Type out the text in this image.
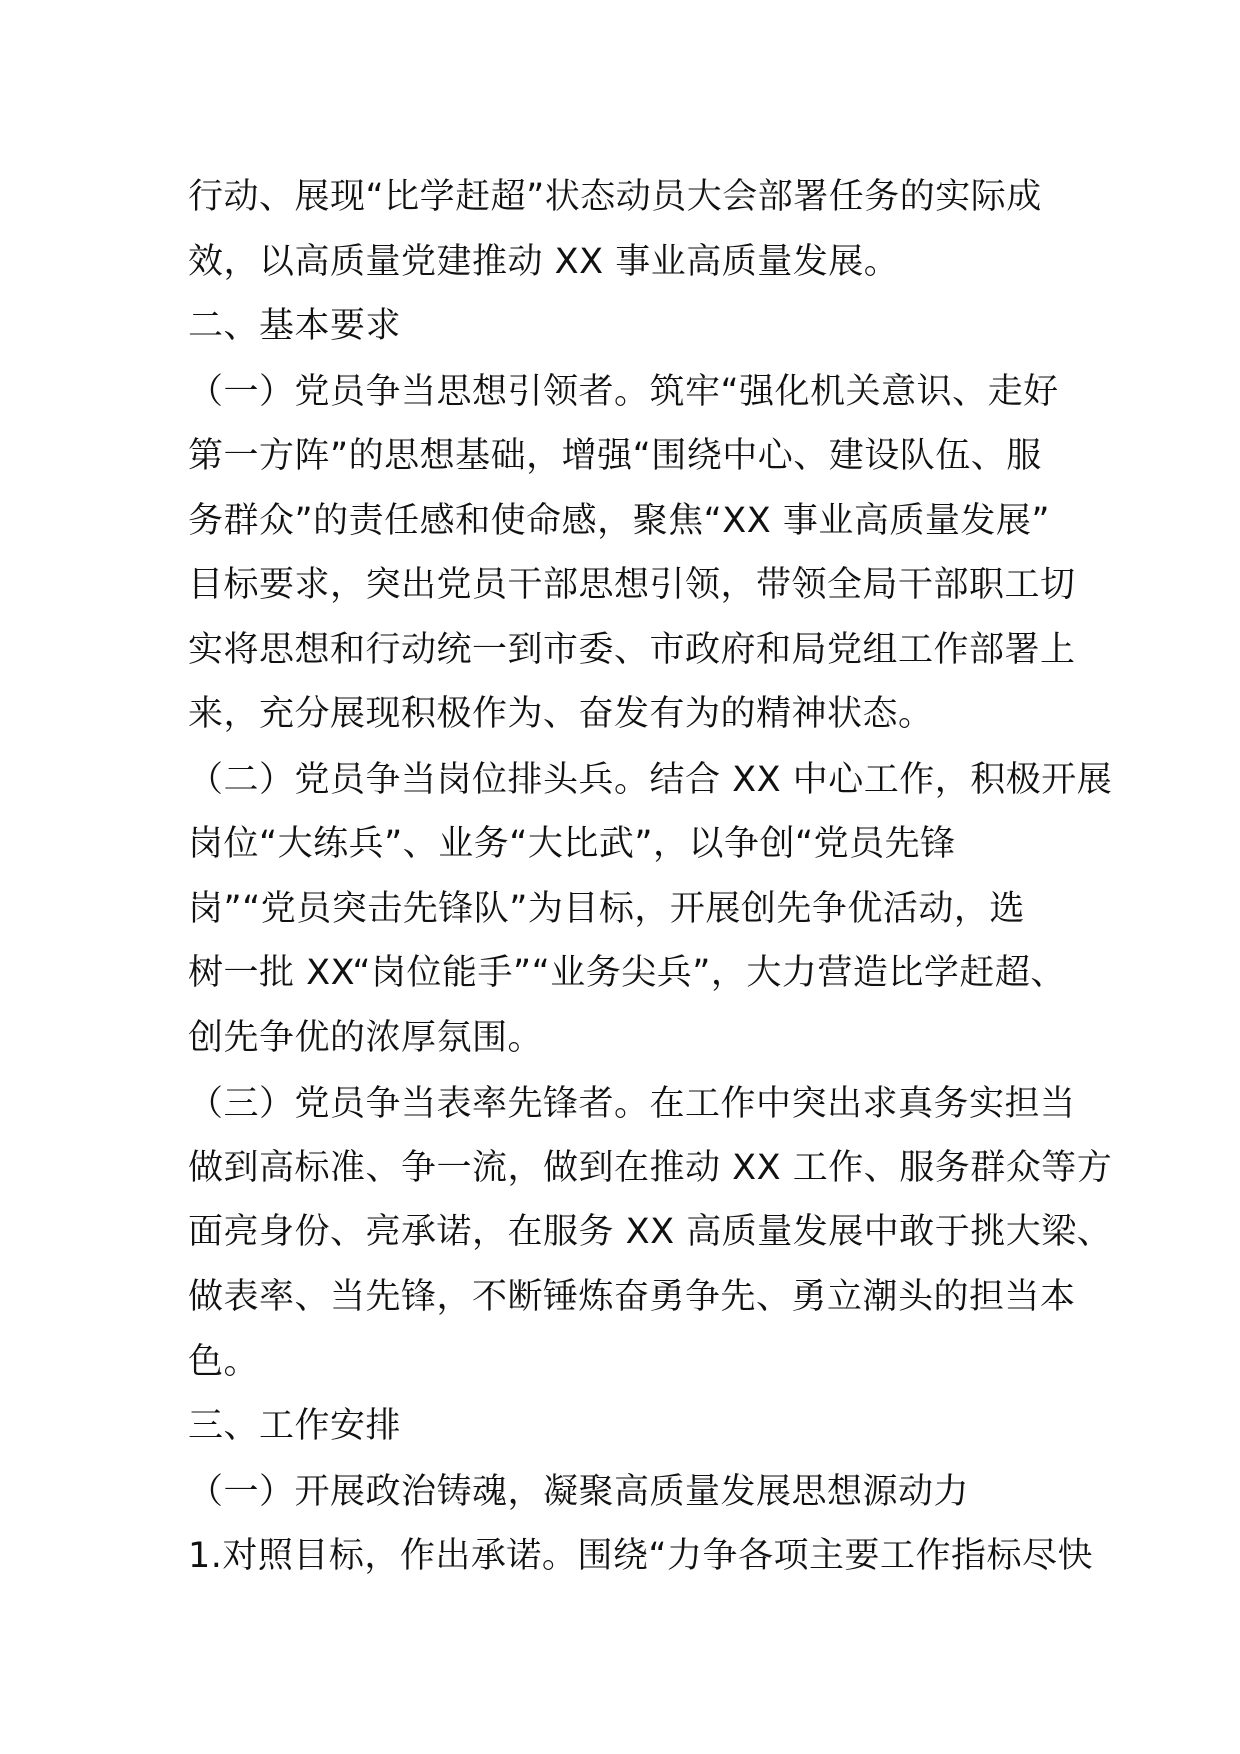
行动、展现“比学赶超”状态动员大会部署任务的实际成
效，以高质量党建推动 XX 事业高质量发展。
二、基本要求
（一）党员争当思想引领者。筑牢“强化机关意识、走好
第一方阵”的思想基础，增强“围绕中心、建设队伍、服
务群众”的责任感和使命感，聚焦“XX 事业高质量发展”
目标要求，突出党员干部思想引领，带领全局干部职工切
实将思想和行动统一到市委、市政府和局党组工作部署上
来，充分展现积极作为、奋发有为的精神状态。
（二）党员争当岗位排头兵。结合 XX 中心工作，积极开展
岗位“大练兵”、业务“大比武”，以争创“党员先锋
岗”“党员突击先锋队”为目标，开展创先争优活动，选
树一批 XX“岗位能手”“业务尖兵”，大力营造比学赶超、
创先争优的浓厚氛围。
（三）党员争当表率先锋者。在工作中突出求真务实担当
做到高标准、争一流，做到在推动 XX 工作、服务群众等方
面亮身份、亮承诺，在服务 XX 高质量发展中敢于挑大梁、
做表率、当先锋，不断锤炼奋勇争先、勇立潮头的担当本
色。
三、工作安排
（一）开展政治铸魂，凝聚高质量发展思想源动力
1.对照目标，作出承诺。围绕“力争各项主要工作指标尽快
